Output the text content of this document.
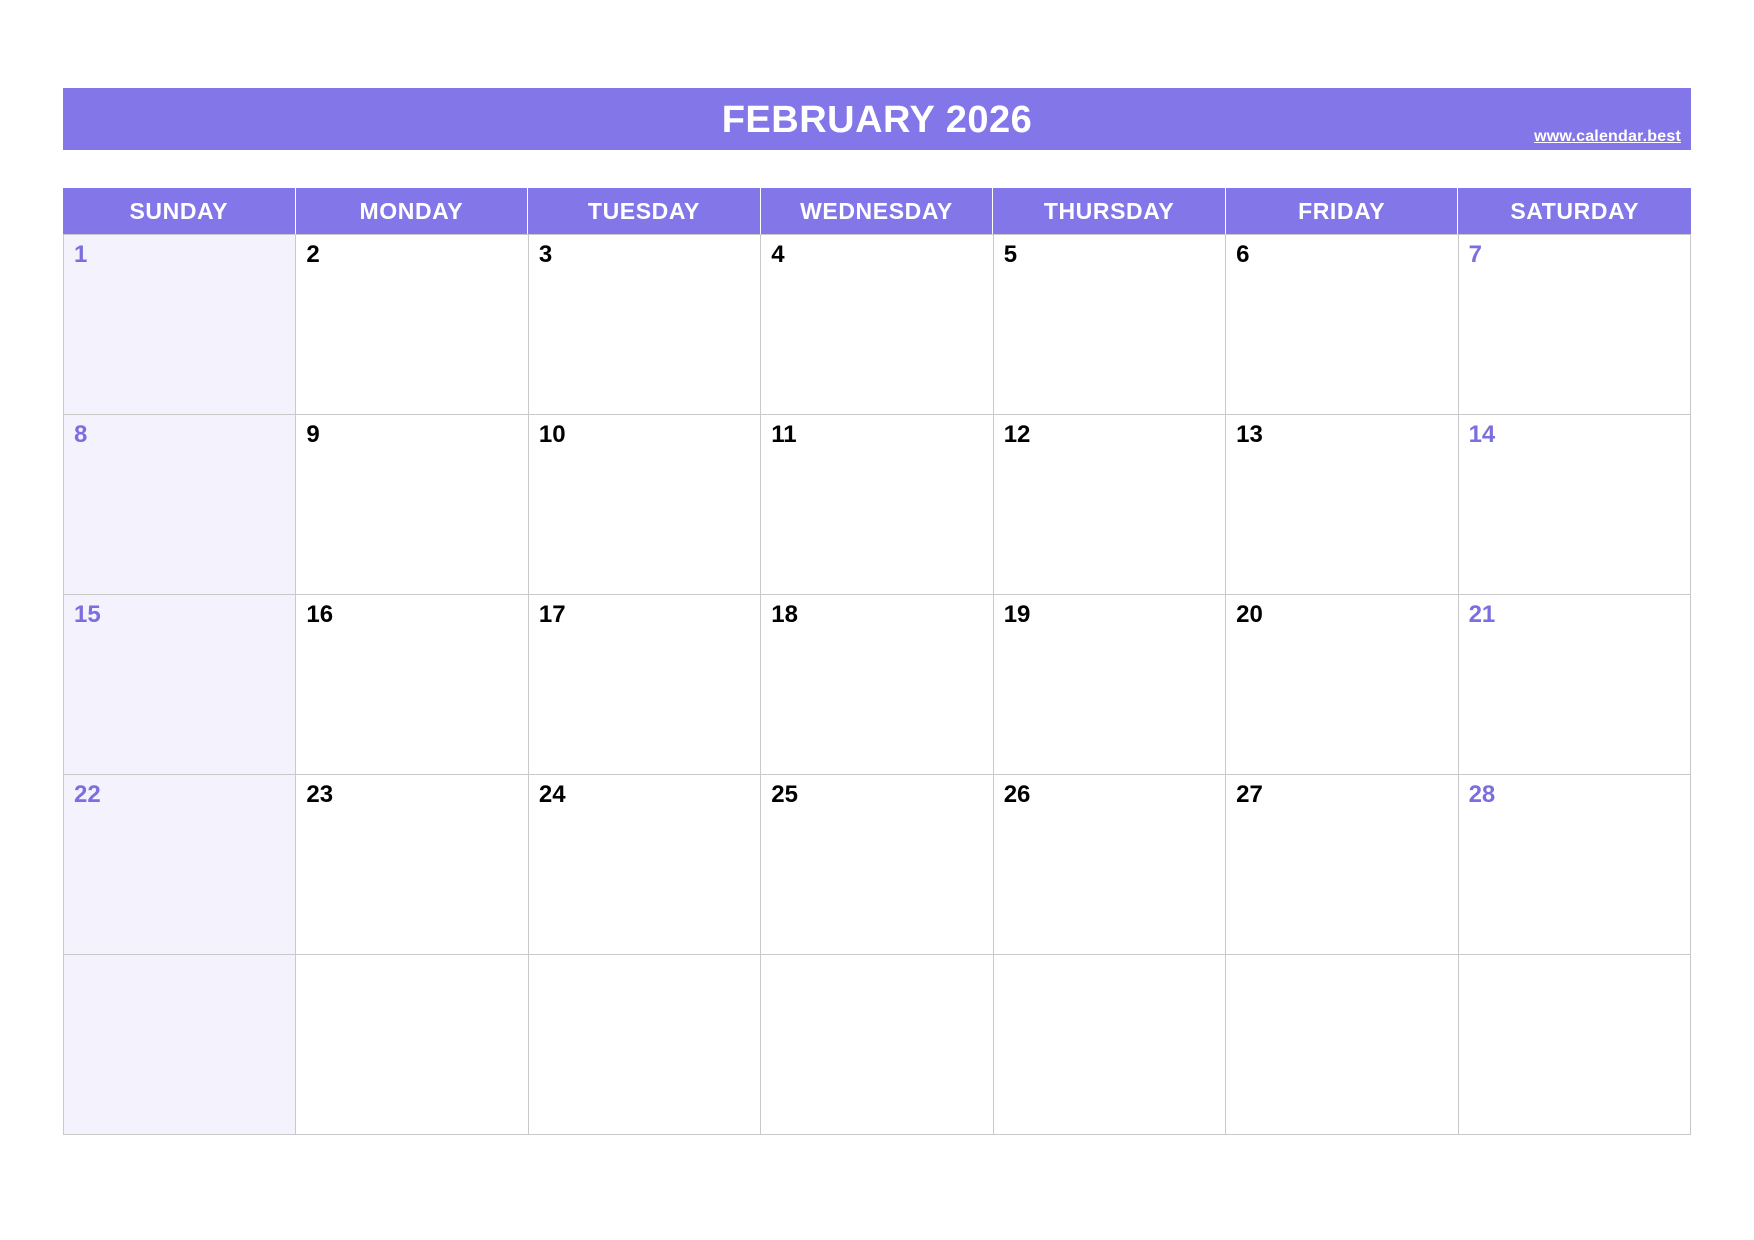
FEBRUARY 2026	www.calendar.best
SUNDAY	MONDAY	TUESDAY	WEDNESDAY	THURSDAY	FRIDAY	SATURDAY
1	2	3	4	5	6	7
8	9	10	11	12	13	14
15	16	17	18	19	20	21
22	23	24	25	26	27	28
